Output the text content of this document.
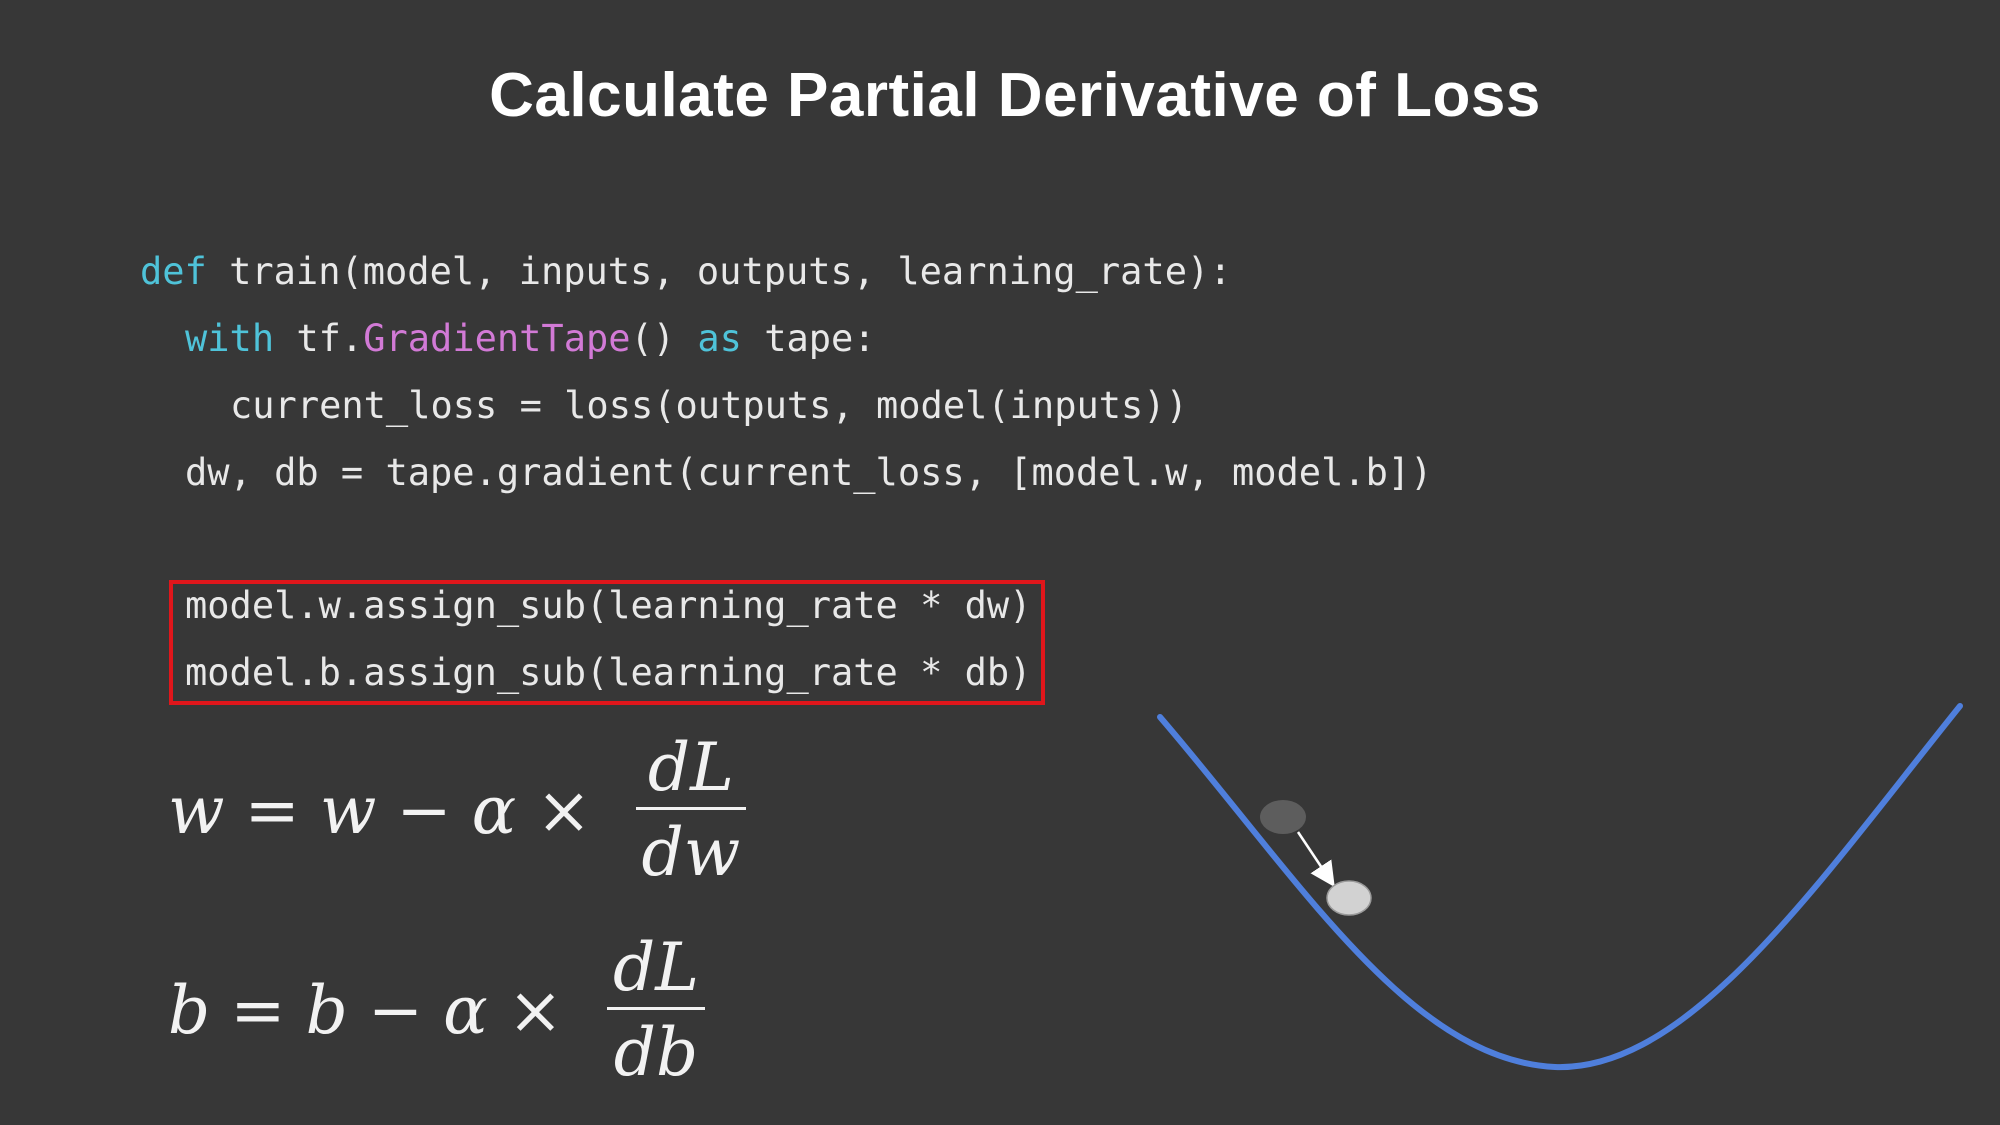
Calculate Partial Derivative of Loss
def train(model, inputs, outputs, learning_rate):
with tf.GradientTape() as tape:
current_loss = loss(outputs, model(inputs))
dw, db = tape.gradient(current_loss, [model.w, model.b])
model.w.assign_sub(learning_rate * dw)
model.b.assign_sub(learning_rate * db)
$w = w - \alpha \times \frac{dL}{dw}$
$b = b - \alpha \times \frac{dL}{db}$
